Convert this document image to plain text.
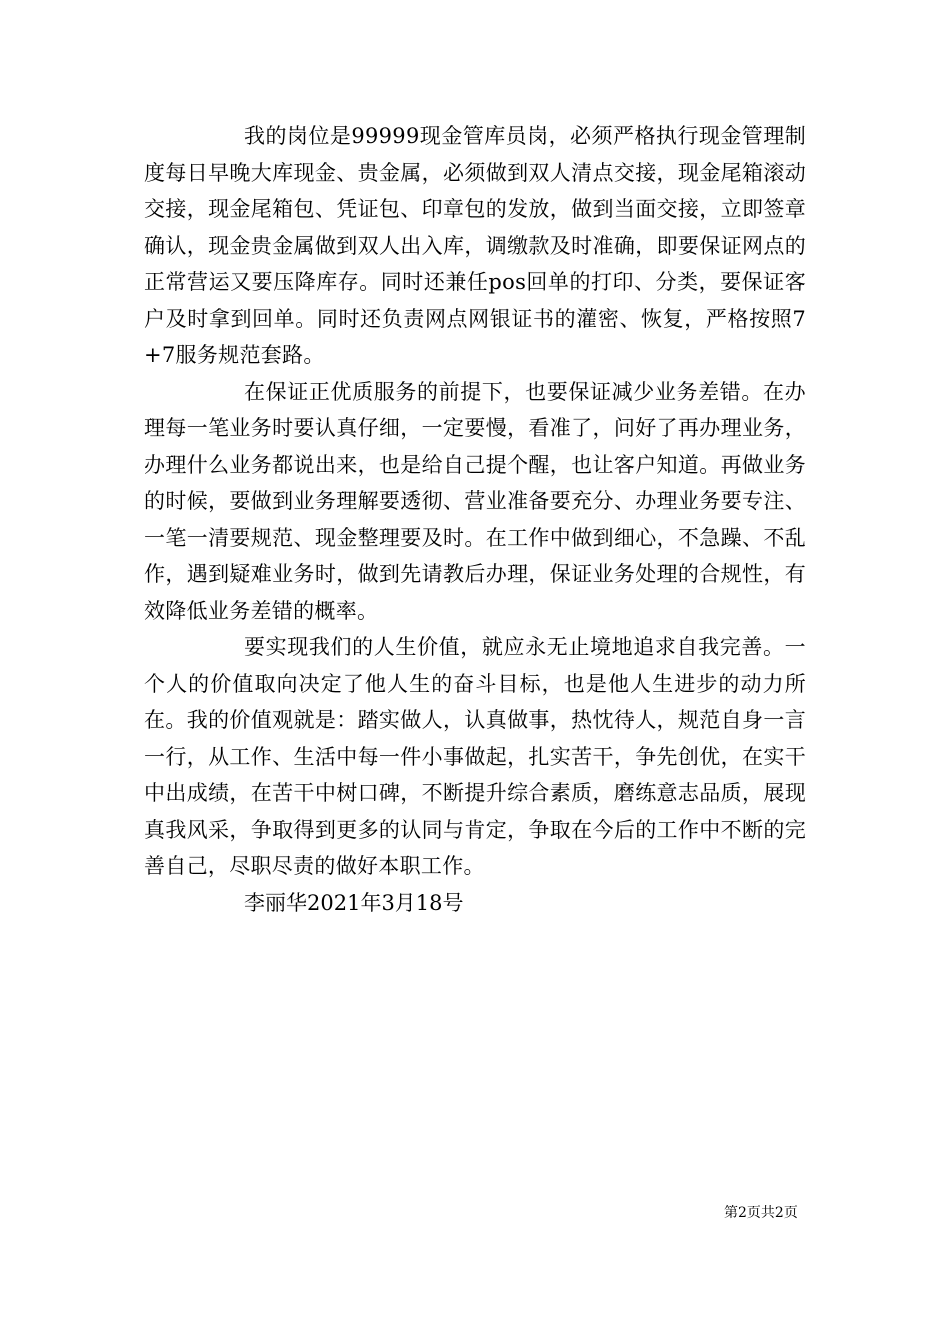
我的岗位是99999现金管库员岗，必须严格执行现金管理制度每日早晚大库现金、贵金属，必须做到双人清点交接，现金尾箱滚动交接，现金尾箱包、凭证包、印章包的发放，做到当面交接，立即签章确认，现金贵金属做到双人出入库，调缴款及时准确，即要保证网点的正常营运又要压降库存。同时还兼任pos回单的打印、分类，要保证客户及时拿到回单。同时还负责网点网银证书的灌密、恢复，严格按照7+7服务规范套路。

在保证正优质服务的前提下，也要保证减少业务差错。在办理每一笔业务时要认真仔细，一定要慢，看准了，问好了再办理业务，办理什么业务都说出来，也是给自己提个醒，也让客户知道。再做业务的时候，要做到业务理解要透彻、营业准备要充分、办理业务要专注、一笔一清要规范、现金整理要及时。在工作中做到细心，不急躁、不乱作，遇到疑难业务时，做到先请教后办理，保证业务处理的合规性，有效降低业务差错的概率。

要实现我们的人生价值，就应永无止境地追求自我完善。一个人的价值取向决定了他人生的奋斗目标，也是他人生进步的动力所在。我的价值观就是：踏实做人，认真做事，热忱待人，规范自身一言一行，从工作、生活中每一件小事做起，扎实苦干，争先创优，在实干中出成绩，在苦干中树口碑，不断提升综合素质，磨练意志品质，展现真我风采，争取得到更多的认同与肯定，争取在今后的工作中不断的完善自己，尽职尽责的做好本职工作。

李丽华2021年3月18号

第2页共2页
